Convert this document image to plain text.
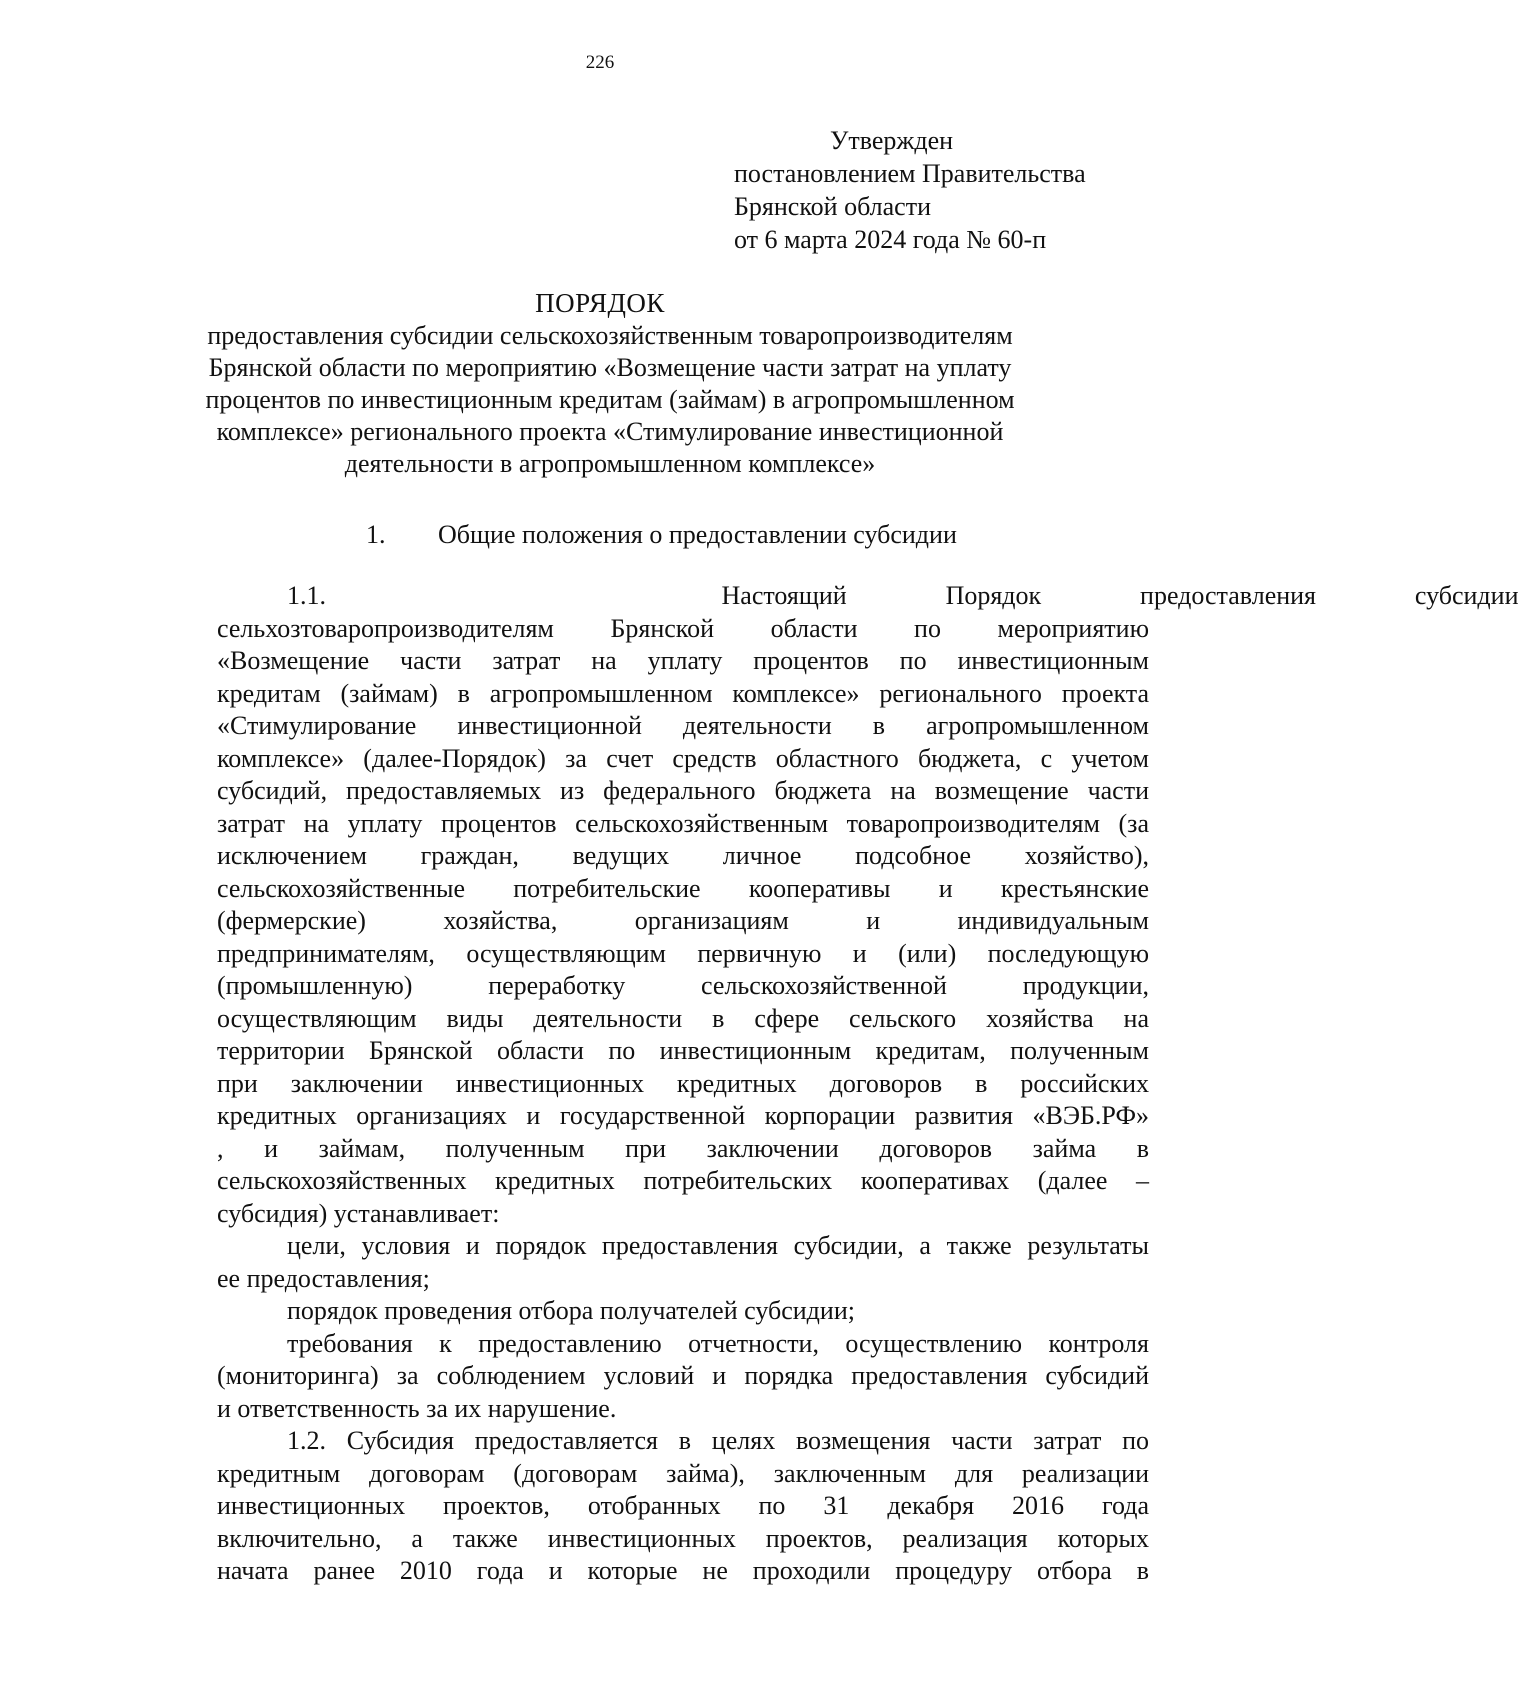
226
Утвержден
постановлением Правительства
Брянской области
от 6 марта 2024 года № 60-п
ПОРЯДОК
предоставления субсидии сельскохозяйственным товаропроизводителям
Брянской области по мероприятию «Возмещение части затрат на уплату
процентов по инвестиционным кредитам (займам) в агропромышленном
комплексе» регионального проекта «Стимулирование инвестиционной
деятельности в агропромышленном комплексе»
1. Общие положения о предоставлении субсидии
1.1.	Настоящий Порядок предоставления субсидии
сельхозтоваропроизводителям Брянской области по мероприятию
«Возмещение части затрат на уплату процентов по инвестиционным
кредитам (займам) в агропромышленном комплексе» регионального проекта
«Стимулирование инвестиционной деятельности в агропромышленном
комплексе» (далее-Порядок) за счет средств областного бюджета, с учетом
субсидий, предоставляемых из федерального бюджета на возмещение части
затрат на уплату процентов сельскохозяйственным товаропроизводителям (за
исключением граждан, ведущих личное подсобное хозяйство),
сельскохозяйственные потребительские кооперативы и крестьянские
(фермерские) хозяйства, организациям и индивидуальным
предпринимателям, осуществляющим первичную и (или) последующую
(промышленную) переработку сельскохозяйственной продукции,
осуществляющим виды деятельности в сфере сельского хозяйства на
территории Брянской области по инвестиционным кредитам, полученным
при заключении инвестиционных кредитных договоров в российских
кредитных организациях и государственной корпорации развития «ВЭБ.РФ»
, и займам, полученным при заключении договоров займа в
сельскохозяйственных кредитных потребительских кооперативах (далее –
субсидия) устанавливает:
цели, условия и порядок предоставления субсидии, а также результаты
ее предоставления;
порядок проведения отбора получателей субсидии;
требования к предоставлению отчетности, осуществлению контроля
(мониторинга) за соблюдением условий и порядка предоставления субсидий
и ответственность за их нарушение.
1.2. Субсидия предоставляется в целях возмещения части затрат по
кредитным договорам (договорам займа), заключенным для реализации
инвестиционных проектов, отобранных по 31 декабря 2016 года
включительно, а также инвестиционных проектов, реализация которых
начата ранее 2010 года и которые не проходили процедуру отбора в
